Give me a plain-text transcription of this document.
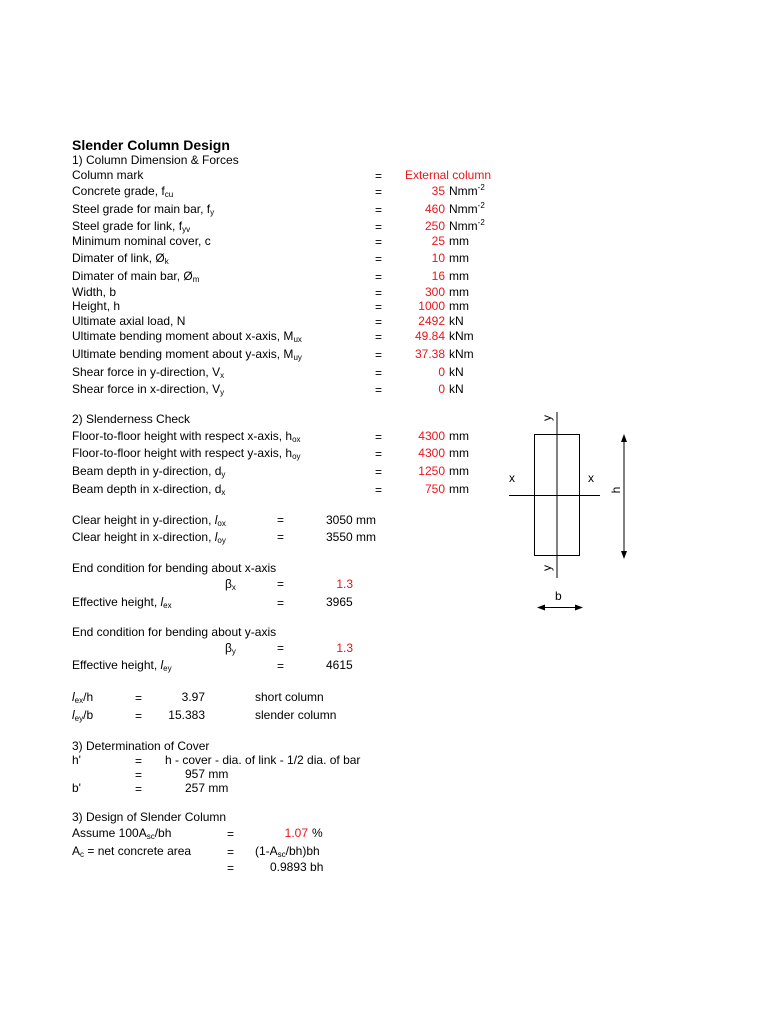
Slender Column Design
1) Column Dimension & Forces
Column mark	=	External column
Concrete grade, $f_{cu}$	=	35 Nmm$^{-2}$
Steel grade for main bar, $f_y$	=	460 Nmm$^{-2}$
Steel grade for link, $f_{yv}$	=	250 Nmm$^{-2}$
Minimum nominal cover, c	=	25 mm
Dimater of link, $Ø_k$	=	10 mm
Dimater of main bar, $Ø_m$	=	16 mm
Width, b	=	300 mm
Height, h	=	1000 mm
Ultimate axial load, N	=	2492 kN
Ultimate bending moment about x-axis, $M_{ux}$	=	49.84 kNm
Ultimate bending moment about y-axis, $M_{uy}$	=	37.38 kNm
Shear force in y-direction, $V_x$	=	0 kN
Shear force in x-direction, $V_y$	=	0 kN
2) Slenderness Check
Floor-to-floor height with respect x-axis, $h_{ox}$	=	4300 mm
Floor-to-floor height with respect y-axis, $h_{oy}$	=	4300 mm
Beam depth in y-direction, $d_y$	=	1250 mm
Beam depth in x-direction, $d_x$	=	750 mm
Clear height in y-direction, $l_{ox}$	=	3050 mm
Clear height in x-direction, $l_{oy}$	=	3550 mm
End condition for bending about x-axis
$\beta_x$	=	1.3
Effective height, $l_{ex}$	=	3965
End condition for bending about y-axis
$\beta_y$	=	1.3
Effective height, $l_{ey}$	=	4615
$l_{ex}/h$	=	3.97	short column
$l_{ey}/b$	=	15.383	slender column
3) Determination of Cover
h'	= h - cover - dia. of link - 1/2 dia. of bar
=	957 mm
b'	=	257 mm
3) Design of Slender Column
Assume $100A_{sc}/bh$	=	1.07 %
$A_c$ = net concrete area	= $(1-A_{sc}/bh)bh$
=	0.9893 bh
y
y
x	x
h
b
